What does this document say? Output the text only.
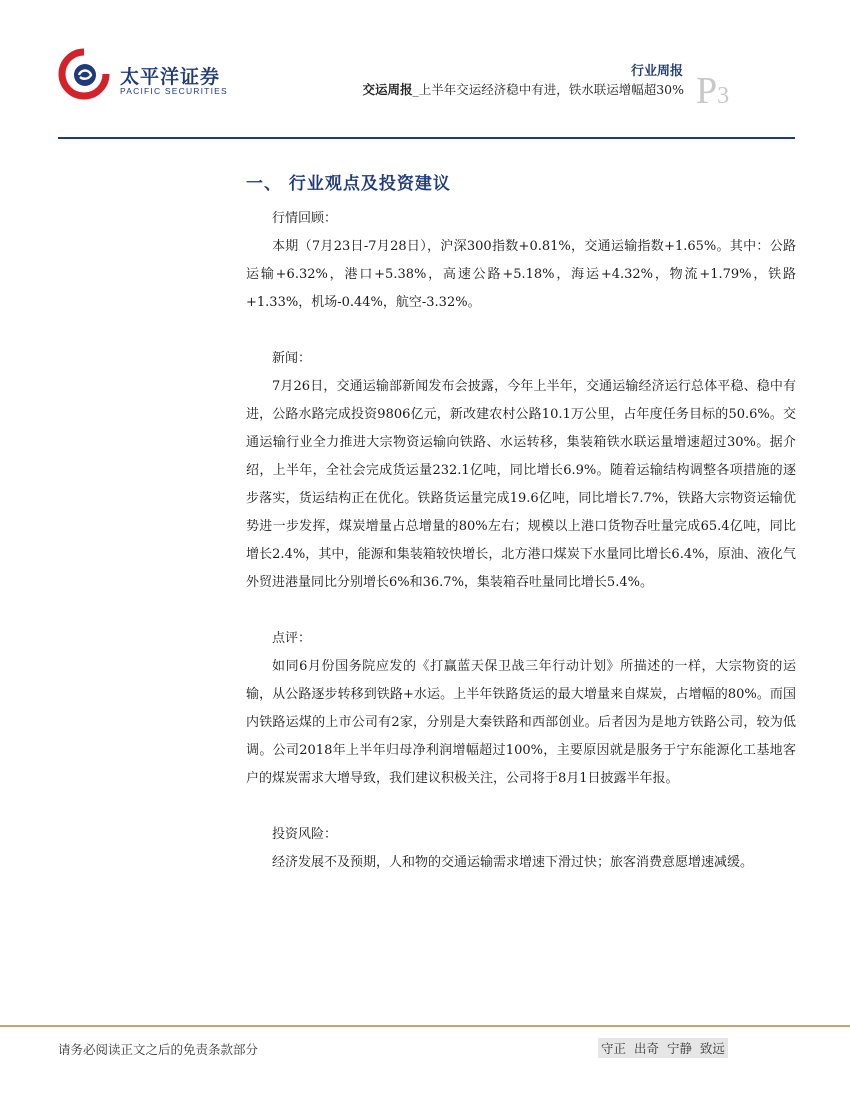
太平洋证券
PACIFIC SECURITIES
行业周报
交运周报_上半年交运经济稳中有进，铁水联运增幅超30% P3
一、 行业观点及投资建议

行情回顾：

本期（7月23日-7月28日），沪深300指数+0.81%，交通运输指数+1.65%。其中：公路运输+6.32%，港口+5.38%，高速公路+5.18%，海运+4.32%，物流+1.79%，铁路+1.33%，机场-0.44%，航空-3.32%。

新闻：

7月26日，交通运输部新闻发布会披露，今年上半年，交通运输经济运行总体平稳、稳中有进，公路水路完成投资9806亿元，新改建农村公路10.1万公里，占年度任务目标的50.6%。交通运输行业全力推进大宗物资运输向铁路、水运转移，集装箱铁水联运量增速超过30%。据介绍，上半年，全社会完成货运量232.1亿吨，同比增长6.9%。随着运输结构调整各项措施的逐步落实，货运结构正在优化。铁路货运量完成19.6亿吨，同比增长7.7%，铁路大宗物资运输优势进一步发挥，煤炭增量占总增量的80%左右；规模以上港口货物吞吐量完成65.4亿吨，同比增长2.4%，其中，能源和集装箱较快增长，北方港口煤炭下水量同比增长6.4%，原油、液化气外贸进港量同比分别增长6%和36.7%，集装箱吞吐量同比增长5.4%。

点评：

如同6月份国务院应发的《打赢蓝天保卫战三年行动计划》所描述的一样，大宗物资的运输，从公路逐步转移到铁路+水运。上半年铁路货运的最大增量来自煤炭，占增幅的80%。而国内铁路运煤的上市公司有2家，分别是大秦铁路和西部创业。后者因为是地方铁路公司，较为低调。公司2018年上半年归母净利润增幅超过100%，主要原因就是服务于宁东能源化工基地客户的煤炭需求大增导致，我们建议积极关注，公司将于8月1日披露半年报。

投资风险：

经济发展不及预期，人和物的交通运输需求增速下滑过快；旅客消费意愿增速减缓。

请务必阅读正文之后的免责条款部分	守正 出奇 宁静 致远
